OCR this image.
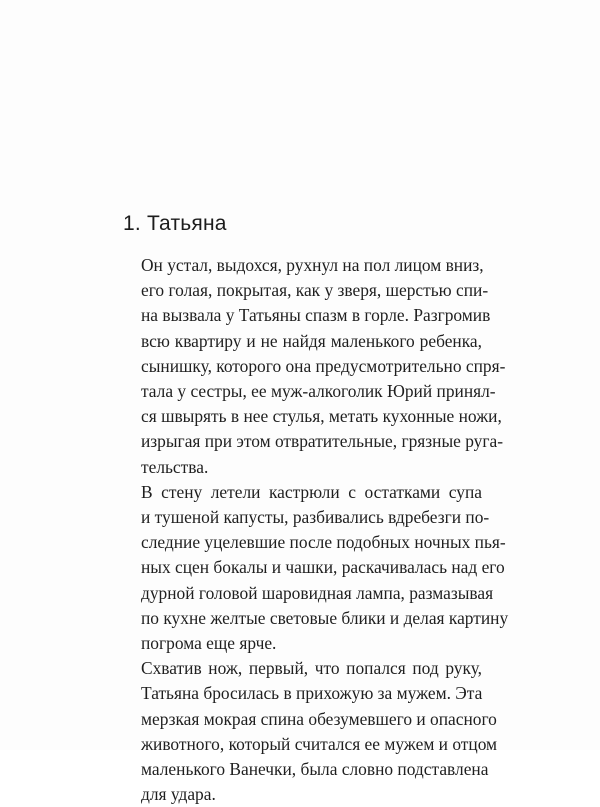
1. Татьяна

Он устал, выдохся, рухнул на пол лицом вниз,
его голая, покрытая, как у зверя, шерстью спи-
на вызвала у Татьяны спазм в горле. Разгромив
всю квартиру и не найдя маленького ребенка,
сынишку, которого она предусмотрительно спря-
тала у сестры, ее муж-алкоголик Юрий принял-
ся швырять в нее стулья, метать кухонные ножи,
изрыгая при этом отвратительные, грязные руга-
тельства.

В стену летели кастрюли с остатками супа
и тушеной капусты, разбивались вдребезги по-
следние уцелевшие после подобных ночных пья-
ных сцен бокалы и чашки, раскачивалась над его
дурной головой шаровидная лампа, размазывая
по кухне желтые световые блики и делая картину
погрома еще ярче.

Схватив нож, первый, что попался под руку,
Татьяна бросилась в прихожую за мужем. Эта
мерзкая мокрая спина обезумевшего и опасного
животного, который считался ее мужем и отцом
маленького Ванечки, была словно подставлена
для удара.
